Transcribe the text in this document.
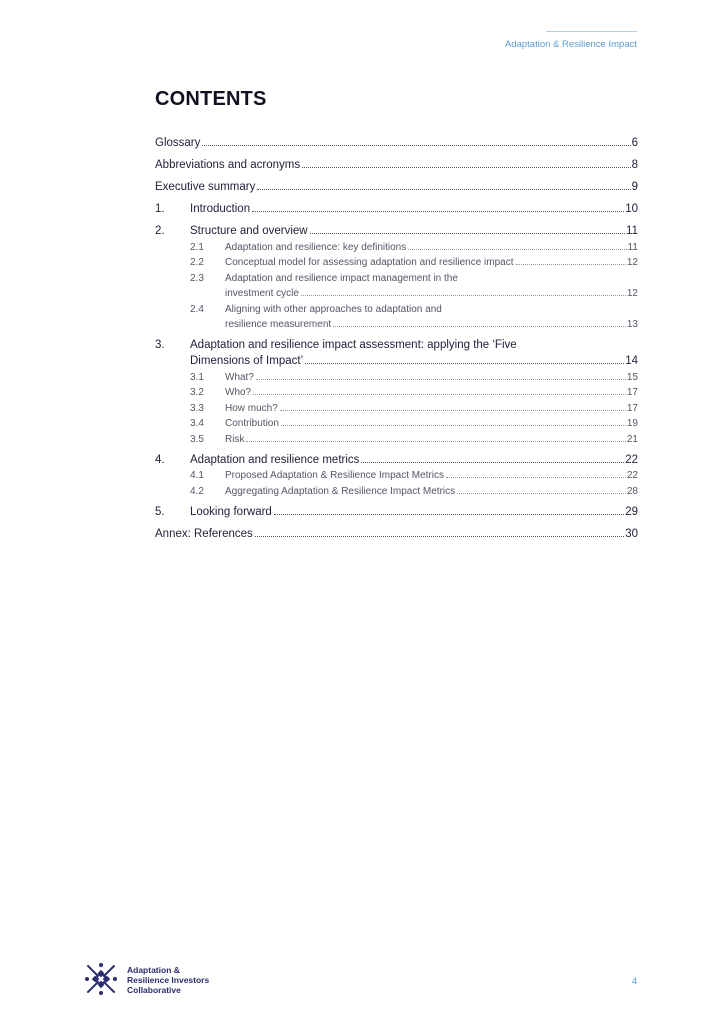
Adaptation & Resilience Impact
CONTENTS
Glossary	6
Abbreviations and acronyms	8
Executive summary	9
1.	Introduction	10
2.	Structure and overview	11
2.1	Adaptation and resilience: key definitions	11
2.2	Conceptual model for assessing adaptation and resilience impact	12
2.3	Adaptation and resilience impact management in the
investment cycle	12
2.4	Aligning with other approaches to adaptation and
resilience measurement	13
3.	Adaptation and resilience impact assessment: applying the ‘Five
Dimensions of Impact’	14
3.1	What?	15
3.2	Who?	17
3.3	How much?	17
3.4	Contribution	19
3.5	Risk	21
4.	Adaptation and resilience metrics	22
4.1	Proposed Adaptation & Resilience Impact Metrics	22
4.2	Aggregating Adaptation & Resilience Impact Metrics	28
5.	Looking forward	29
Annex: References	30
Adaptation &
Resilience Investors
Collaborative
4
